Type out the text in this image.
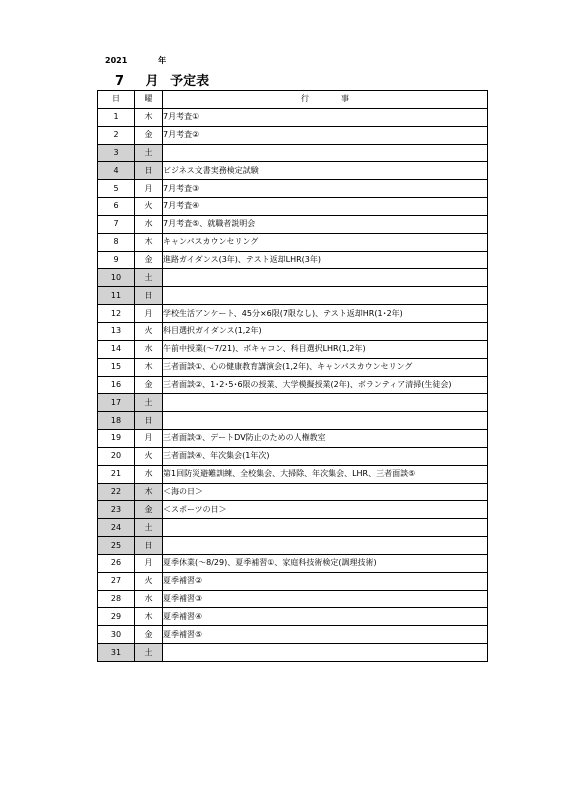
2021	年
7 月 予定表
日	曜	行 事
1	木	7月考査①
2	金	7月考査②
3	土	
4	日	ビジネス文書実務検定試験
5	月	7月考査③
6	火	7月考査④
7	水	7月考査⑤、就職者説明会
8	木	キャンパスカウンセリング
9	金	進路ガイダンス(3年)、テスト返却LHR(3年)
10	土	
11	日	
12	月	学校生活アンケート、45分×6限(7限なし)、テスト返却HR(1･2年)
13	火	科目選択ガイダンス(1,2年)
14	水	午前中授業(～7/21)、ボキャコン、科目選択LHR(1,2年)
15	木	三者面談①、心の健康教育講演会(1,2年)、キャンパスカウンセリング
16	金	三者面談②、1･2･5･6限の授業、大学模擬授業(2年)、ボランティア清掃(生徒会)
17	土	
18	日	
19	月	三者面談③、デートDV防止のための人権教室
20	火	三者面談④、年次集会(1年次)
21	水	第1回防災避難訓練、全校集会、大掃除、年次集会、LHR、三者面談⑤
22	木	＜海の日＞
23	金	＜スポーツの日＞
24	土	
25	日	
26	月	夏季休業(～8/29)、夏季補習①、家庭科技術検定(調理技術)
27	火	夏季補習②
28	水	夏季補習③
29	木	夏季補習④
30	金	夏季補習⑤
31	土	
